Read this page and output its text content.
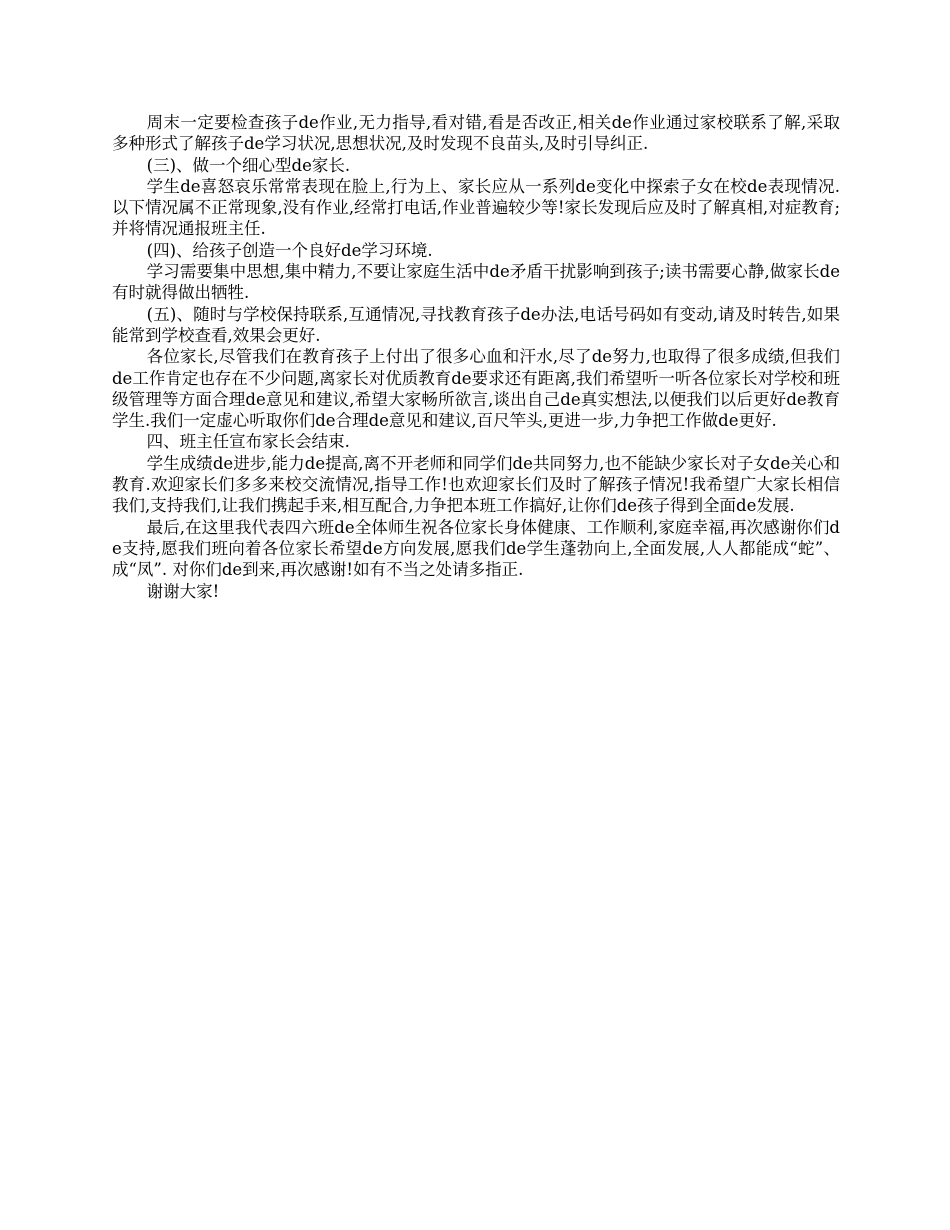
周末一定要检查孩子de作业,无力指导,看对错,看是否改正,相关de作业通过家校联系了解,采取多种形式了解孩子de学习状况,思想状况,及时发现不良苗头,及时引导纠正.

(三)、做一个细心型de家长.

学生de喜怒哀乐常常表现在脸上,行为上、家长应从一系列de变化中探索子女在校de表现情况.以下情况属不正常现象,没有作业,经常打电话,作业普遍较少等!家长发现后应及时了解真相,对症教育;并将情况通报班主任.

(四)、给孩子创造一个良好de学习环境.

学习需要集中思想,集中精力,不要让家庭生活中de矛盾干扰影响到孩子;读书需要心静,做家长de有时就得做出牺牲.

(五)、随时与学校保持联系,互通情况,寻找教育孩子de办法,电话号码如有变动,请及时转告,如果能常到学校查看,效果会更好.

各位家长,尽管我们在教育孩子上付出了很多心血和汗水,尽了de努力,也取得了很多成绩,但我们de工作肯定也存在不少问题,离家长对优质教育de要求还有距离,我们希望听一听各位家长对学校和班级管理等方面合理de意见和建议,希望大家畅所欲言,谈出自己de真实想法,以便我们以后更好de教育学生.我们一定虚心听取你们de合理de意见和建议,百尺竿头,更进一步,力争把工作做de更好.

四、班主任宣布家长会结束.

学生成绩de进步,能力de提高,离不开老师和同学们de共同努力,也不能缺少家长对子女de关心和教育.欢迎家长们多多来校交流情况,指导工作!也欢迎家长们及时了解孩子情况!我希望广大家长相信我们,支持我们,让我们携起手来,相互配合,力争把本班工作搞好,让你们de孩子得到全面de发展.

最后,在这里我代表四六班de全体师生祝各位家长身体健康、工作顺利,家庭幸福,再次感谢你们de支持,愿我们班向着各位家长希望de方向发展,愿我们de学生蓬勃向上,全面发展,人人都能成“蛇”、成“凤”. 对你们de到来,再次感谢!如有不当之处请多指正.

谢谢大家!
